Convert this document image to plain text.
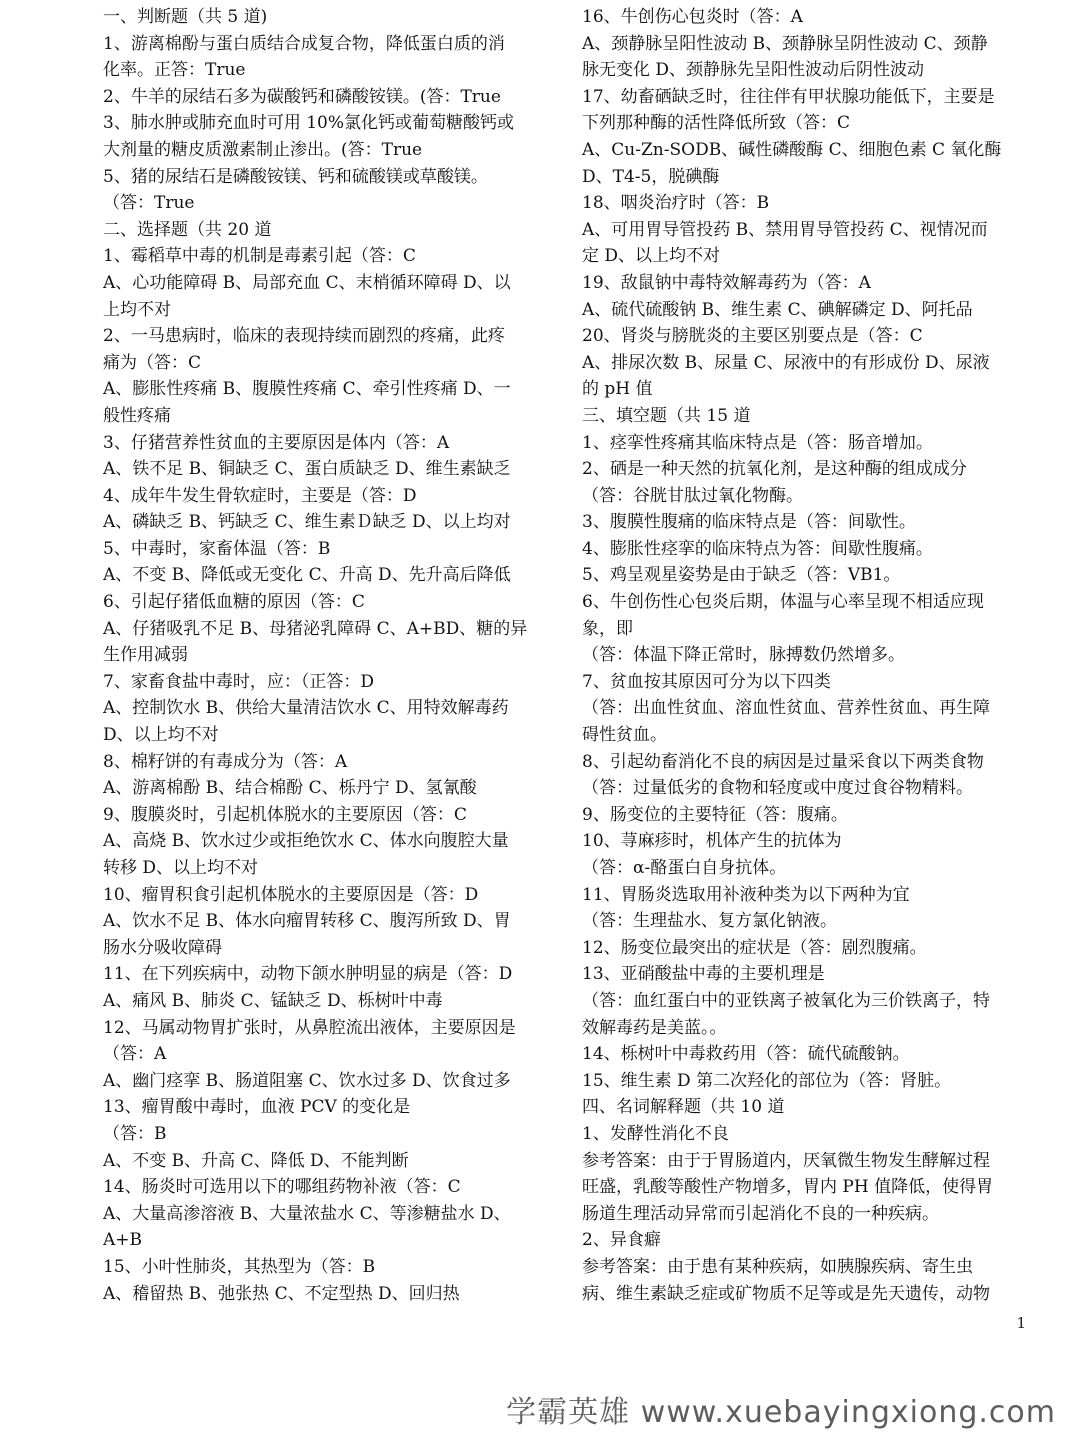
一、判断题（共 5 道)
1、游离棉酚与蛋白质结合成复合物，降低蛋白质的消
化率。正答：True
2、牛羊的尿结石多为碳酸钙和磷酸铵镁。(答：True
3、肺水肿或肺充血时可用 10%氯化钙或葡萄糖酸钙或
大剂量的糖皮质激素制止渗出。(答：True
5、猪的尿结石是磷酸铵镁、钙和硫酸镁或草酸镁。
（答：True
二、选择题（共 20 道
1、霉稻草中毒的机制是毒素引起（答：C
A、心功能障碍 B、局部充血 C、末梢循环障碍 D、以
上均不对
2、一马患病时，临床的表现持续而剧烈的疼痛，此疼
痛为（答：C
A、膨胀性疼痛 B、腹膜性疼痛 C、牵引性疼痛 D、一
般性疼痛
3、仔猪营养性贫血的主要原因是体内（答：A
A、铁不足 B、铜缺乏 C、蛋白质缺乏 D、维生素缺乏
4、成年牛发生骨软症时，主要是（答：D
A、磷缺乏 B、钙缺乏 C、维生素Ｄ缺乏 D、以上均对
5、中毒时，家畜体温（答：B
A、不变 B、降低或无变化 C、升高 D、先升高后降低
6、引起仔猪低血糖的原因（答：C
A、仔猪吸乳不足 B、母猪泌乳障碍 C、A+BD、糖的异
生作用减弱
7、家畜食盐中毒时，应：（正答：D
A、控制饮水 B、供给大量清洁饮水 C、用特效解毒药
D、以上均不对
8、棉籽饼的有毒成分为（答：A
A、游离棉酚 B、结合棉酚 C、栎丹宁 D、氢氰酸
9、腹膜炎时，引起机体脱水的主要原因（答：C
A、高烧 B、饮水过少或拒绝饮水 C、体水向腹腔大量
转移 D、以上均不对
10、瘤胃积食引起机体脱水的主要原因是（答：D
A、饮水不足 B、体水向瘤胃转移 C、腹泻所致 D、胃
肠水分吸收障碍
11、在下列疾病中，动物下颌水肿明显的病是（答：D
A、痛风 B、肺炎 C、锰缺乏 D、栎树叶中毒
12、马属动物胃扩张时，从鼻腔流出液体，主要原因是
（答：A
A、幽门痉挛 B、肠道阻塞 C、饮水过多 D、饮食过多
13、瘤胃酸中毒时，血液 PCV 的变化是
（答：B
A、不变 B、升高 C、降低 D、不能判断
14、肠炎时可选用以下的哪组药物补液（答：C
A、大量高渗溶液 B、大量浓盐水 C、等渗糖盐水 D、
A+B
15、小叶性肺炎，其热型为（答：B
A、稽留热 B、弛张热 C、不定型热 D、回归热
16、牛创伤心包炎时（答：A
A、颈静脉呈阳性波动 B、颈静脉呈阴性波动 C、颈静
脉无变化 D、颈静脉先呈阳性波动后阴性波动
17、幼畜硒缺乏时，往往伴有甲状腺功能低下，主要是
下列那种酶的活性降低所致（答：C
A、Cu-Zn-SODB、碱性磷酸酶 C、细胞色素 C 氧化酶
D、T4-5，脱碘酶
18、咽炎治疗时（答：B
A、可用胃导管投药 B、禁用胃导管投药 C、视情况而
定 D、以上均不对
19、敌鼠钠中毒特效解毒药为（答：A
A、硫代硫酸钠 B、维生素 C、碘解磷定 D、阿托品
20、肾炎与膀胱炎的主要区别要点是（答：C
A、排尿次数 B、尿量 C、尿液中的有形成份 D、尿液
的 pH 值
三、填空题（共 15 道
1、痉挛性疼痛其临床特点是（答：肠音增加。
2、硒是一种天然的抗氧化剂，是这种酶的组成成分
（答：谷胱甘肽过氧化物酶。
3、腹膜性腹痛的临床特点是（答：间歇性。
4、膨胀性痉挛的临床特点为答：间歇性腹痛。
5、鸡呈观星姿势是由于缺乏（答：VB1。
6、牛创伤性心包炎后期，体温与心率呈现不相适应现
象，即
（答：体温下降正常时，脉搏数仍然增多。
7、贫血按其原因可分为以下四类
（答：出血性贫血、溶血性贫血、营养性贫血、再生障
碍性贫血。
8、引起幼畜消化不良的病因是过量采食以下两类食物
（答：过量低劣的食物和轻度或中度过食谷物精料。
9、肠变位的主要特征（答：腹痛。
10、荨麻疹时，机体产生的抗体为
（答：α-酪蛋白自身抗体。
11、胃肠炎选取用补液种类为以下两种为宜
（答：生理盐水、复方氯化钠液。
12、肠变位最突出的症状是（答：剧烈腹痛。
13、亚硝酸盐中毒的主要机理是
（答：血红蛋白中的亚铁离子被氧化为三价铁离子，特
效解毒药是美蓝。。
14、栎树叶中毒救药用（答：硫代硫酸钠。
15、维生素 D 第二次羟化的部位为（答：肾脏。
四、名词解释题（共 10 道
1、发酵性消化不良
参考答案：由于于胃肠道内，厌氧微生物发生酵解过程
旺盛，乳酸等酸性产物增多，胃内 PH 值降低，使得胃
肠道生理活动异常而引起消化不良的一种疾病。
2、异食癖
参考答案：由于患有某种疾病，如胰腺疾病、寄生虫
病、维生素缺乏症或矿物质不足等或是先天遗传，动物
1
学霸英雄 www.xuebayingxiong.com
